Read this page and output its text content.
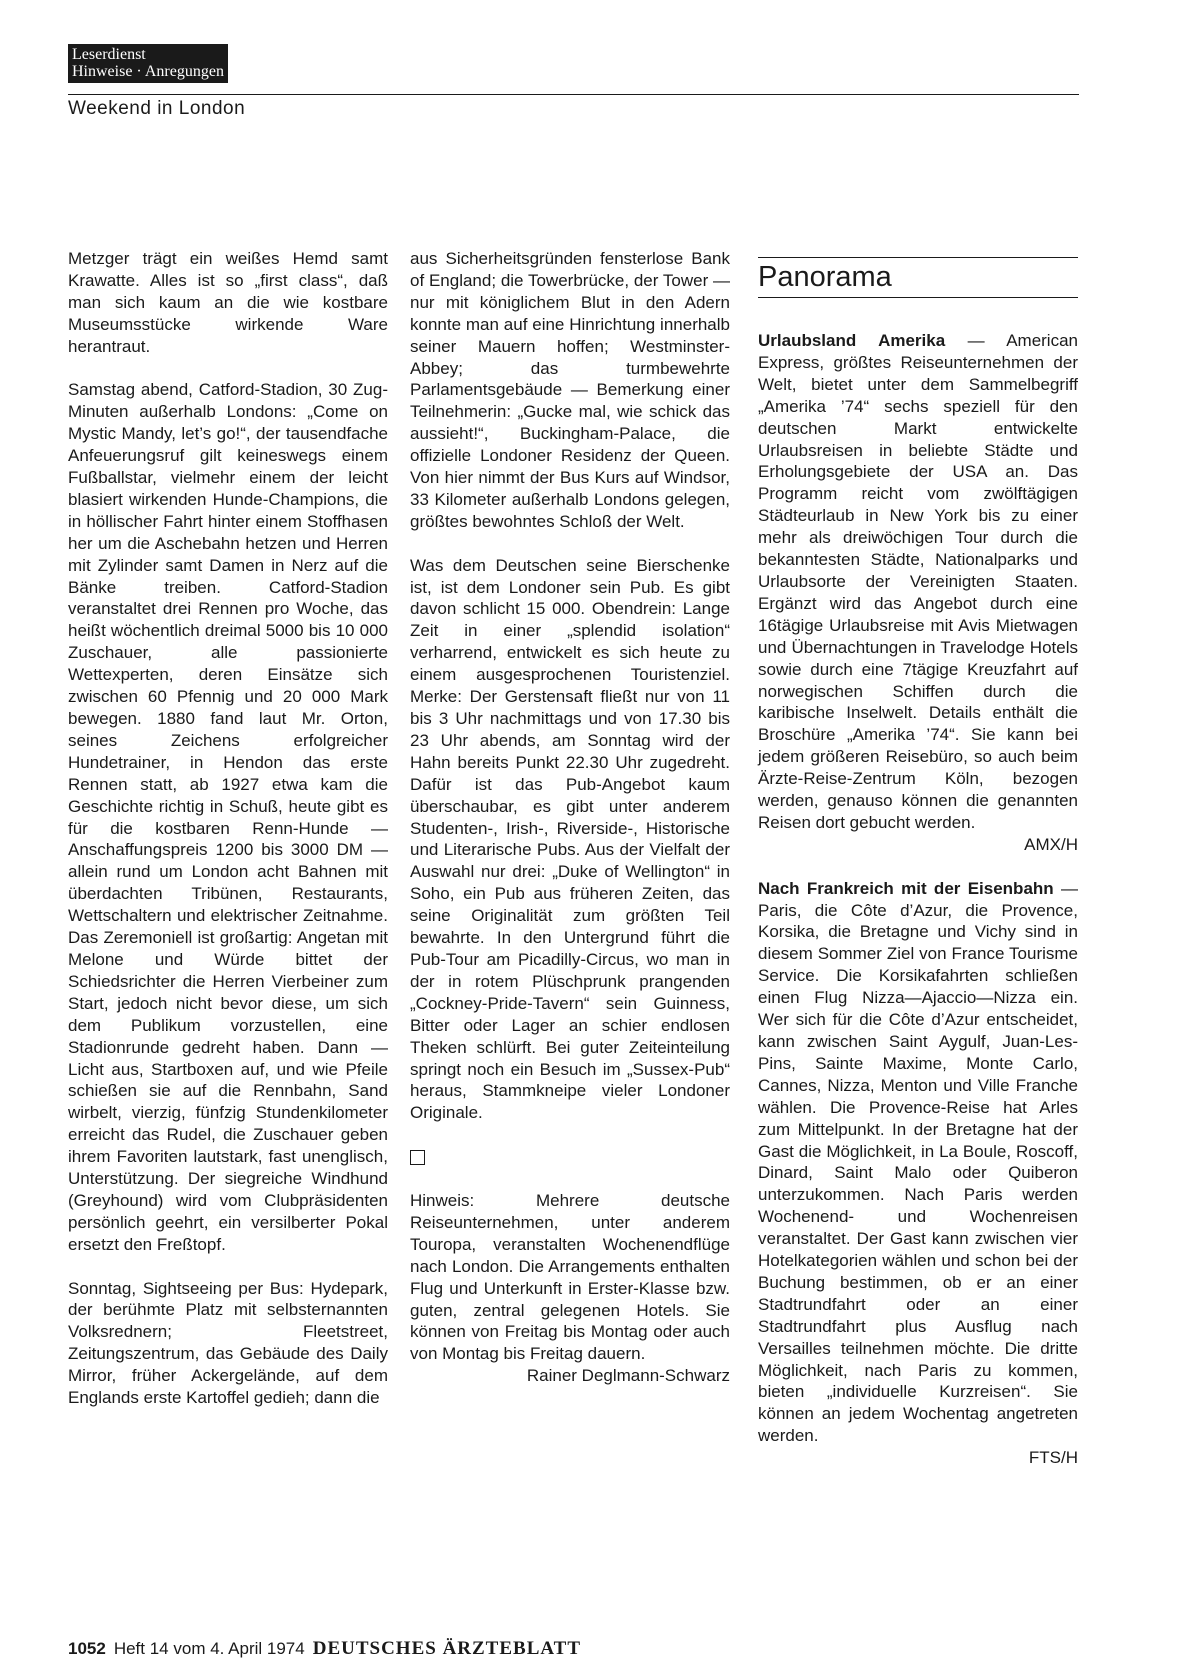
Leserdienst
Hinweise · Anregungen
Weekend in London

Metzger trägt ein weißes Hemd samt Krawatte. Alles ist so „first class“, daß man sich kaum an die wie kostbare Museumsstücke wirkende Ware herantraut.

Samstag abend, Catford-Stadion, 30 Zug-Minuten außerhalb Londons: „Come on Mystic Mandy, let’s go!“, der tausendfache Anfeuerungsruf gilt keineswegs einem Fußballstar, vielmehr einem der leicht blasiert wirkenden Hunde-Champions, die in höllischer Fahrt hinter einem Stoffhasen her um die Aschebahn hetzen und Herren mit Zylinder samt Damen in Nerz auf die Bänke treiben. Catford-Stadion veranstaltet drei Rennen pro Woche, das heißt wöchentlich dreimal 5000 bis 10 000 Zuschauer, alle passionierte Wettexperten, deren Einsätze sich zwischen 60 Pfennig und 20 000 Mark bewegen. 1880 fand laut Mr. Orton, seines Zeichens erfolgreicher Hundetrainer, in Hendon das erste Rennen statt, ab 1927 etwa kam die Geschichte richtig in Schuß, heute gibt es für die kostbaren Renn-Hunde — Anschaffungspreis 1200 bis 3000 DM — allein rund um London acht Bahnen mit überdachten Tribünen, Restaurants, Wettschaltern und elektrischer Zeitnahme. Das Zeremoniell ist großartig: Angetan mit Melone und Würde bittet der Schiedsrichter die Herren Vierbeiner zum Start, jedoch nicht bevor diese, um sich dem Publikum vorzustellen, eine Stadionrunde gedreht haben. Dann — Licht aus, Startboxen auf, und wie Pfeile schießen sie auf die Rennbahn, Sand wirbelt, vierzig, fünfzig Stundenkilometer erreicht das Rudel, die Zuschauer geben ihrem Favoriten lautstark, fast unenglisch, Unterstützung. Der siegreiche Windhund (Greyhound) wird vom Clubpräsidenten persönlich geehrt, ein versilberter Pokal ersetzt den Freßtopf.

Sonntag, Sightseeing per Bus: Hydepark, der berühmte Platz mit selbsternannten Volksrednern; Fleetstreet, Zeitungszentrum, das Gebäude des Daily Mirror, früher Ackergelände, auf dem Englands erste Kartoffel gedieh; dann die

aus Sicherheitsgründen fensterlose Bank of England; die Towerbrücke, der Tower — nur mit königlichem Blut in den Adern konnte man auf eine Hinrichtung innerhalb seiner Mauern hoffen; Westminster-Abbey; das turmbewehrte Parlamentsgebäude — Bemerkung einer Teilnehmerin: „Gucke mal, wie schick das aussieht!“, Buckingham-Palace, die offizielle Londoner Residenz der Queen. Von hier nimmt der Bus Kurs auf Windsor, 33 Kilometer außerhalb Londons gelegen, größtes bewohntes Schloß der Welt.

Was dem Deutschen seine Bierschenke ist, ist dem Londoner sein Pub. Es gibt davon schlicht 15 000. Obendrein: Lange Zeit in einer „splendid isolation“ verharrend, entwickelt es sich heute zu einem ausgesprochenen Touristenziel. Merke: Der Gerstensaft fließt nur von 11 bis 3 Uhr nachmittags und von 17.30 bis 23 Uhr abends, am Sonntag wird der Hahn bereits Punkt 22.30 Uhr zugedreht. Dafür ist das Pub-Angebot kaum überschaubar, es gibt unter anderem Studenten-, Irish-, Riverside-, Historische und Literarische Pubs. Aus der Vielfalt der Auswahl nur drei: „Duke of Wellington“ in Soho, ein Pub aus früheren Zeiten, das seine Originalität zum größten Teil bewahrte. In den Untergrund führt die Pub-Tour am Picadilly-Circus, wo man in der in rotem Plüschprunk prangenden „Cockney-Pride-Tavern“ sein Guinness, Bitter oder Lager an schier endlosen Theken schlürft. Bei guter Zeiteinteilung springt noch ein Besuch im „Sussex-Pub“ heraus, Stammkneipe vieler Londoner Originale.

Hinweis: Mehrere deutsche Reiseunternehmen, unter anderem Touropa, veranstalten Wochenendflüge nach London. Die Arrangements enthalten Flug und Unterkunft in Erster-Klasse bzw. guten, zentral gelegenen Hotels. Sie können von Freitag bis Montag oder auch von Montag bis Freitag dauern.
Rainer Deglmann-Schwarz

Panorama

Urlaubsland Amerika — American Express, größtes Reiseunternehmen der Welt, bietet unter dem Sammelbegriff „Amerika ’74“ sechs speziell für den deutschen Markt entwickelte Urlaubsreisen in beliebte Städte und Erholungsgebiete der USA an. Das Programm reicht vom zwölftägigen Städteurlaub in New York bis zu einer mehr als dreiwöchigen Tour durch die bekanntesten Städte, Nationalparks und Urlaubsorte der Vereinigten Staaten. Ergänzt wird das Angebot durch eine 16tägige Urlaubsreise mit Avis Mietwagen und Übernachtungen in Travelodge Hotels sowie durch eine 7tägige Kreuzfahrt auf norwegischen Schiffen durch die karibische Inselwelt. Details enthält die Broschüre „Amerika ’74“. Sie kann bei jedem größeren Reisebüro, so auch beim Ärzte-Reise-Zentrum Köln, bezogen werden, genauso können die genannten Reisen dort gebucht werden.
AMX/H

Nach Frankreich mit der Eisenbahn — Paris, die Côte d’Azur, die Provence, Korsika, die Bretagne und Vichy sind in diesem Sommer Ziel von France Tourisme Service. Die Korsikafahrten schließen einen Flug Nizza—Ajaccio—Nizza ein. Wer sich für die Côte d’Azur entscheidet, kann zwischen Saint Aygulf, Juan-Les-Pins, Sainte Maxime, Monte Carlo, Cannes, Nizza, Menton und Ville Franche wählen. Die Provence-Reise hat Arles zum Mittelpunkt. In der Bretagne hat der Gast die Möglichkeit, in La Boule, Roscoff, Dinard, Saint Malo oder Quiberon unterzukommen. Nach Paris werden Wochenend- und Wochenreisen veranstaltet. Der Gast kann zwischen vier Hotelkategorien wählen und schon bei der Buchung bestimmen, ob er an einer Stadtrundfahrt oder an einer Stadtrundfahrt plus Ausflug nach Versailles teilnehmen möchte. Die dritte Möglichkeit, nach Paris zu kommen, bieten „individuelle Kurzreisen“. Sie können an jedem Wochentag angetreten werden.
FTS/H

1052 Heft 14 vom 4. April 1974 DEUTSCHES ÄRZTEBLATT
